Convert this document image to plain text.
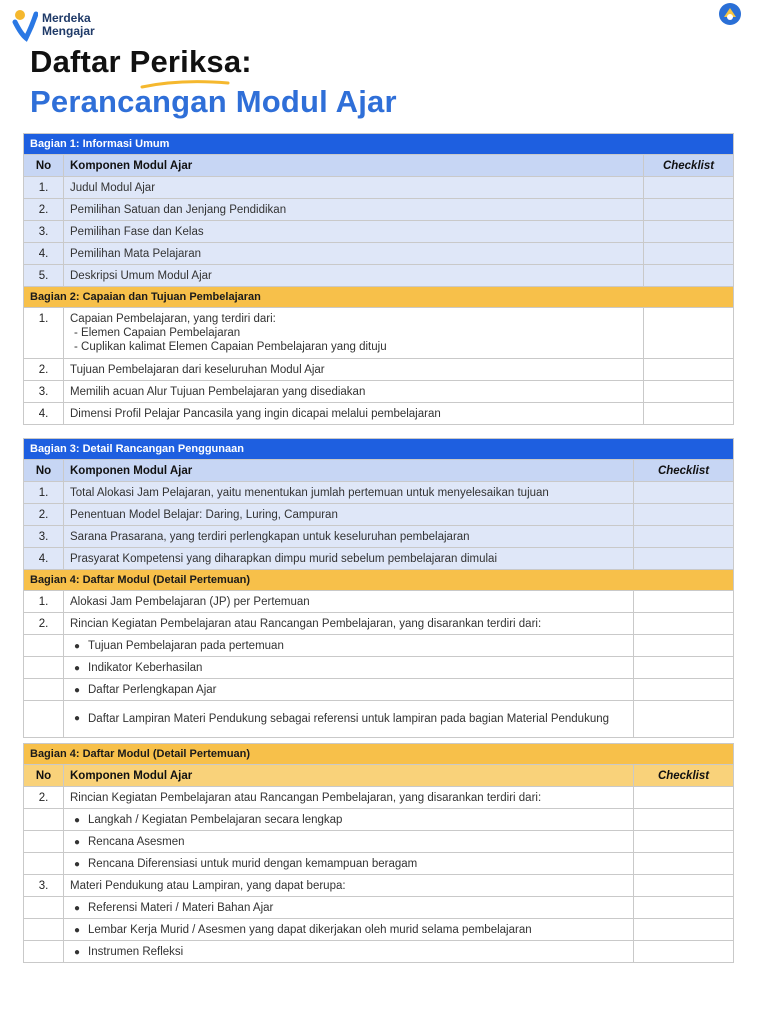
Merdeka
Mengajar
Daftar Periksa:
Perancangan Modul Ajar
Bagian 1: Informasi Umum		
No	Komponen Modul Ajar	Checklist
1.	Judul Modul Ajar	
2.	Pemilihan Satuan dan Jenjang Pendidikan	
3.	Pemilihan Fase dan Kelas	
4.	Pemilihan Mata Pelajaran	
5.	Deskripsi Umum Modul Ajar	
Bagian 2: Capaian dan Tujuan Pembelajaran		
1.	Capaian Pembelajaran, yang terdiri dari:
- Elemen Capaian Pembelajaran
- Cuplikan kalimat Elemen Capaian Pembelajaran yang dituju	

2.	Tujuan Pembelajaran dari keseluruhan Modul Ajar	
3.	Memilih acuan Alur Tujuan Pembelajaran yang disediakan	
4.	Dimensi Profil Pelajar Pancasila yang ingin dicapai melalui pembelajaran	
Bagian 3: Detail Rancangan Penggunaan		
No	Komponen Modul Ajar	Checklist
1.	Total Alokasi Jam Pelajaran, yaitu menentukan jumlah pertemuan untuk menyelesaikan tujuan	
2.	Penentuan Model Belajar: Daring, Luring, Campuran	
3.	Sarana Prasarana, yang terdiri perlengkapan untuk keseluruhan pembelajaran	
4.	Prasyarat Kompetensi yang diharapkan dimpu murid sebelum pembelajaran dimulai	
Bagian 4: Daftar Modul (Detail Pertemuan)		
1.	Alokasi Jam Pembelajaran (JP) per Pertemuan	
2.	Rincian Kegiatan Pembelajaran atau Rancangan Pembelajaran, yang disarankan terdiri dari:	
	● Tujuan Pembelajaran pada pertemuan	
	● Indikator Keberhasilan	
	● Daftar Perlengkapan Ajar	

	● Daftar Lampiran Materi Pendukung sebagai referensi untuk lampiran pada bagian Material Pendukung	

Bagian 4: Daftar Modul (Detail Pertemuan)		
No	Komponen Modul Ajar	Checklist
2.	Rincian Kegiatan Pembelajaran atau Rancangan Pembelajaran, yang disarankan terdiri dari:	
	● Langkah / Kegiatan Pembelajaran secara lengkap	
	● Rencana Asesmen	
	● Rencana Diferensiasi untuk murid dengan kemampuan beragam	
3.	Materi Pendukung atau Lampiran, yang dapat berupa:	
	● Referensi Materi / Materi Bahan Ajar	
	● Lembar Kerja Murid / Asesmen yang dapat dikerjakan oleh murid selama pembelajaran	
	● Instrumen Refleksi	
